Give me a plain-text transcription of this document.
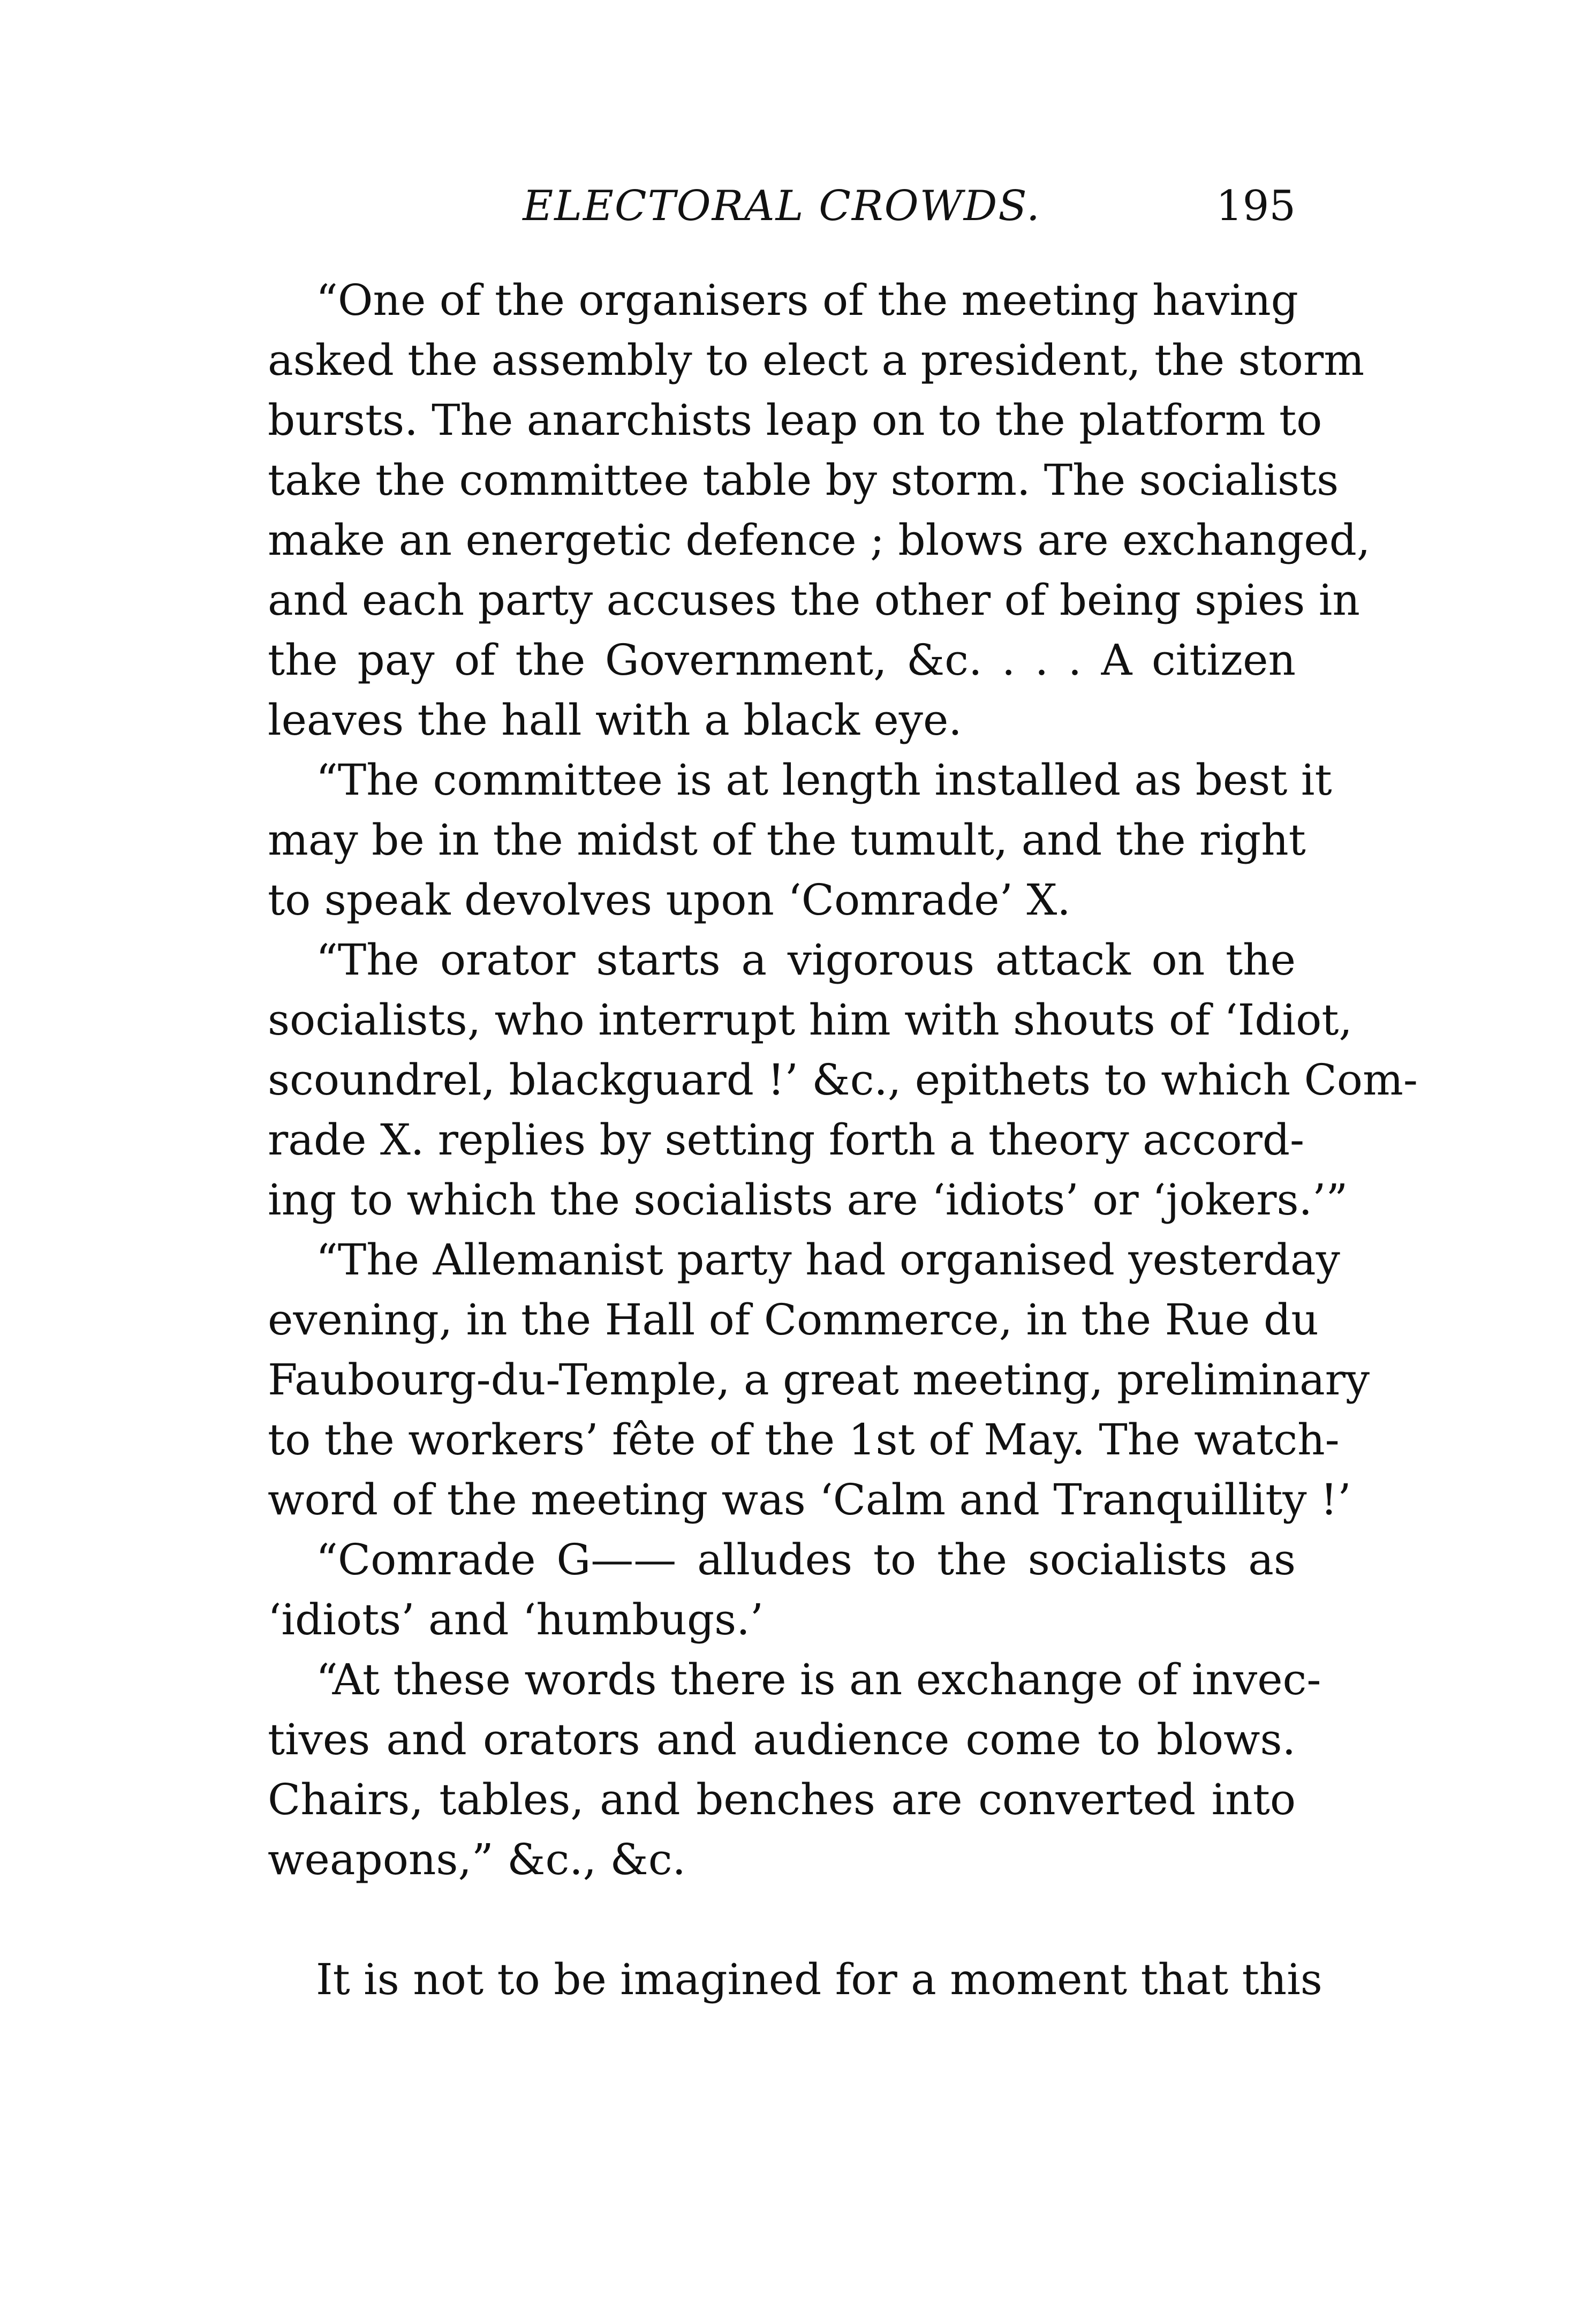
ELECTORAL CROWDS.	195
“One of the organisers of the meeting having
asked the assembly to elect a president, the storm
bursts. The anarchists leap on to the platform to
take the committee table by storm. The socialists
make an energetic defence ; blows are exchanged,
and each party accuses the other of being spies in
the pay of the Government, &c. . . . A citizen
leaves the hall with a black eye.
“The committee is at length installed as best it
may be in the midst of the tumult, and the right
to speak devolves upon ‘Comrade’ X.
“The orator starts a vigorous attack on the
socialists, who interrupt him with shouts of ‘Idiot,
scoundrel, blackguard !’ &c., epithets to which Com-
rade X. replies by setting forth a theory accord-
ing to which the socialists are ‘idiots’ or ‘jokers.’”
“The Allemanist party had organised yesterday
evening, in the Hall of Commerce, in the Rue du
Faubourg-du-Temple, a great meeting, preliminary
to the workers’ fête of the 1st of May. The watch-
word of the meeting was ‘Calm and Tranquillity !’
“Comrade G—— alludes to the socialists as
‘idiots’ and ‘humbugs.’
“At these words there is an exchange of invec-
tives and orators and audience come to blows.
Chairs, tables, and benches are converted into
weapons,” &c., &c.
It is not to be imagined for a moment that this
